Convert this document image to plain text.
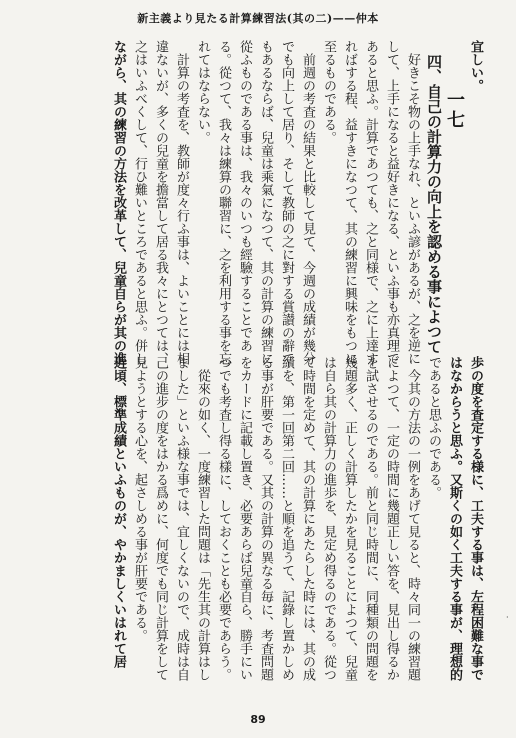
新主義より見たる計算練習法(其の二)——仲本
宜しい。
一七
四、自己の計算力の向上を認める事によつて
好きこそ物の上手なれ、といふ諺があるが、之を逆に
して、上手になると益好きになる、といふ事も亦真理で
あると思ふ。計算であつても、之と同様で、之に上達す
ればする程、益すきになつて、其の練習に興味をもつに
至るものである。
前週の考査の結果と比較して見て、今週の成績が幾分
でも向上して居り、そして教師の之に對する賞讃の辭で
もあるならば、兒童は乘氣になつて、其の計算の練習に
從ふものである事は、我々のいつも經驗することであ
る。從つて、我々は練算の聯習に、之を利用する事を忘
れてはならない。
計算の考査を、教師が度々行ふ事は、よいことには相
違ないが、多くの兒童を擔當して居る我々にとつては、
之はいふべくして、行ひ難いところであると思ふ。併し
ながら、其の練習の方法を改革して、兒童自らが其の進
歩の度を査定する様に、工夫する事は、左程困難な事で
はなからうと思ふ。又斯くの如く工夫する事が、理想的
であると思ふのである。
今其の方法の一例をあげて見ると、時々同一の練習題
によつて、一定の時間に幾題正しい答を、見出し得るか
を試させるのである。前と同じ時間に、同種類の問題を
幾題多く、正しく計算したかを見ることによつて、兒童
は自ら其の計算力の進歩を、見定め得るのである。從つ
て時間を定めて、其の計算にあたらした時には、其の成
績を、第一回第二回……と順を追うて、記錄し置かしめ
る事が肝要である。又其の計算の異なる毎に、考査問題
をカードに記載し置き、必要あらば兒童自ら、勝手にい
つでも考査し得る樣に、しておくことも必要であらう。
從來の如く、一度練習した問題は「先生其の計算はし
ました」といふ様な事では、宜しくないので、成時は自
己の進步の度をはかる爲めに、何度でも同じ計算をして
見ようとする心を、起さしめる事が肝要である。
近頃、標準成績といふものが、やかましくいはれて居
89
·
